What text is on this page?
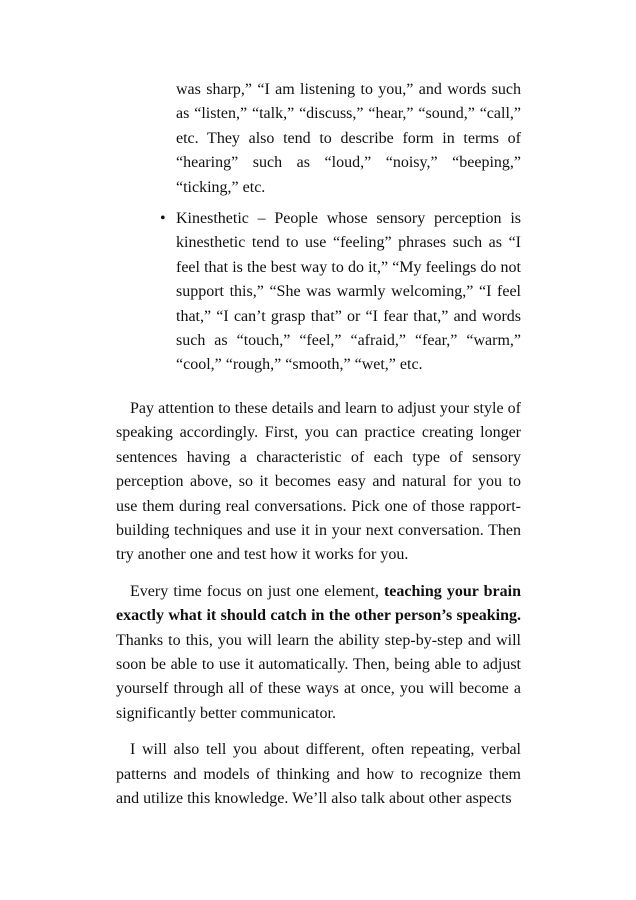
was sharp,” “I am listening to you,” and words such as “listen,” “talk,” “discuss,” “hear,” “sound,” “call,” etc. They also tend to describe form in terms of “hearing” such as “loud,” “noisy,” “beeping,” “ticking,” etc.

• Kinesthetic – People whose sensory perception is kinesthetic tend to use “feeling” phrases such as “I feel that is the best way to do it,” “My feelings do not support this,” “She was warmly welcoming,” “I feel that,” “I can’t grasp that” or “I fear that,” and words such as “touch,” “feel,” “afraid,” “fear,” “warm,” “cool,” “rough,” “smooth,” “wet,” etc.

Pay attention to these details and learn to adjust your style of speaking accordingly. First, you can practice creating longer sentences having a characteristic of each type of sensory perception above, so it becomes easy and natural for you to use them during real conversations. Pick one of those rapport-building techniques and use it in your next conversation. Then try another one and test how it works for you.

Every time focus on just one element, teaching your brain exactly what it should catch in the other person’s speaking. Thanks to this, you will learn the ability step-by-step and will soon be able to use it automatically. Then, being able to adjust yourself through all of these ways at once, you will become a significantly better communicator.

I will also tell you about different, often repeating, verbal patterns and models of thinking and how to recognize them and utilize this knowledge. We’ll also talk about other aspects
